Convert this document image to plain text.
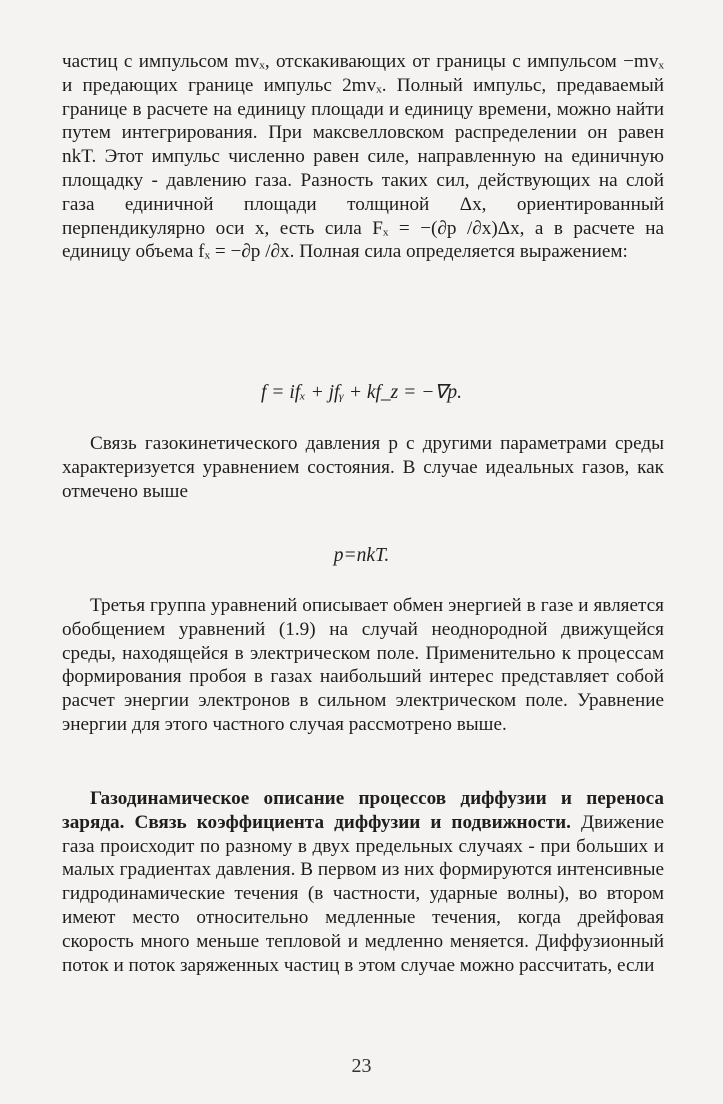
частиц с импульсом mvₓ, отскакивающих от границы с импульсом −mvₓ и предающих границе импульс 2mvₓ. Полный импульс, предаваемый границе в расчете на единицу площади и единицу времени, можно найти путем интегрирования. При максвелловском распределении он равен nkT. Этот импульс численно равен силе, направленную на единичную площадку - давлению газа. Разность таких сил, действующих на слой газа единичной площади толщиной Δx, ориентированный перпендикулярно оси x, есть сила Fₓ = −(∂p /∂x)Δx, а в расчете на единицу объема fₓ = −∂p /∂x. Полная сила определяется выражением:

f = ifₓ + jfᵧ + kf_z = −∇p.

Связь газокинетического давления p с другими параметрами среды характеризуется уравнением состояния. В случае идеальных газов, как отмечено выше

p=nkT.

Третья группа уравнений описывает обмен энергией в газе и является обобщением уравнений (1.9) на случай неоднородной движущейся среды, находящейся в электрическом поле. Применительно к процессам формирования пробоя в газах наибольший интерес представляет собой расчет энергии электронов в сильном электрическом поле. Уравнение энергии для этого частного случая рассмотрено выше.

Газодинамическое описание процессов диффузии и переноса заряда. Связь коэффициента диффузии и подвижности. Движение газа происходит по разному в двух предельных случаях - при больших и малых градиентах давления. В первом из них формируются интенсивные гидродинамические течения (в частности, ударные волны), во втором имеют место относительно медленные течения, когда дрейфовая скорость много меньше тепловой и медленно меняется. Диффузионный поток и поток заряженных частиц в этом случае можно рассчитать, если

23
